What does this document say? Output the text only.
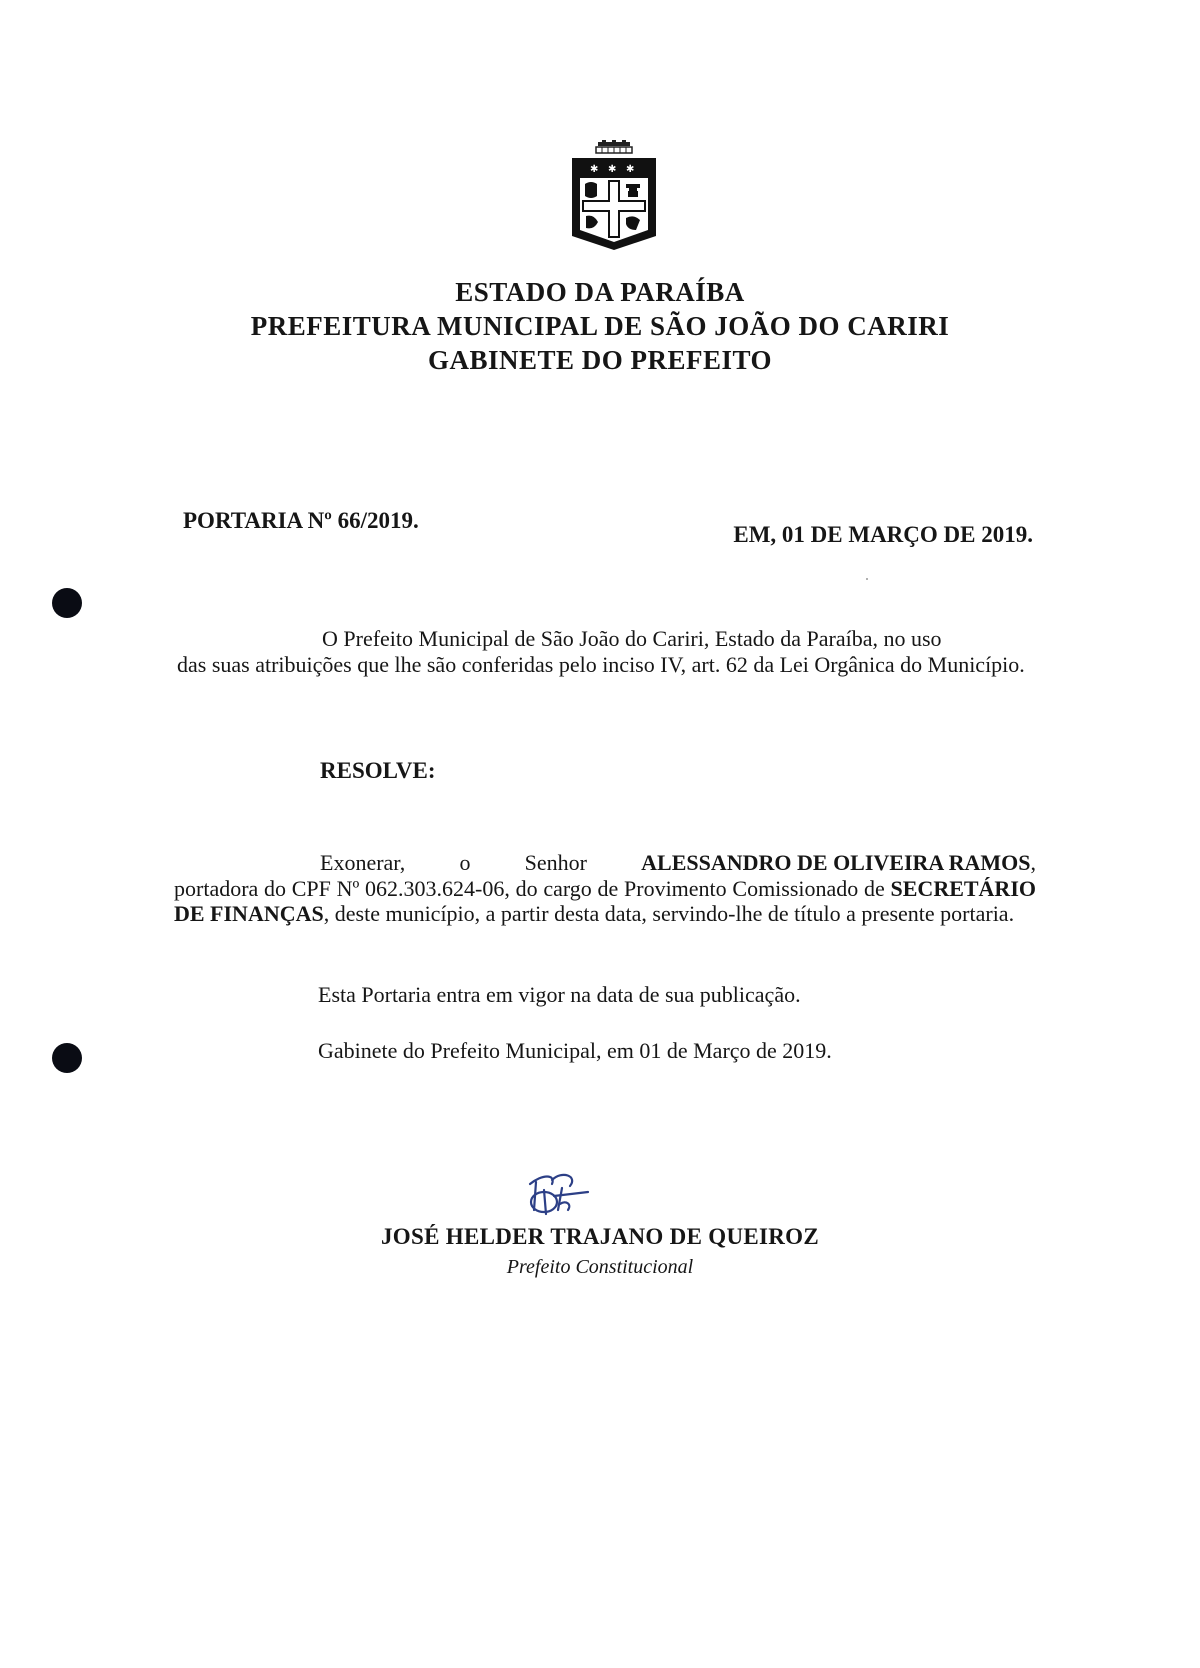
✱ ✱ ✱
ESTADO DA PARAÍBA
PREFEITURA MUNICIPAL DE SÃO JOÃO DO CARIRI
GABINETE DO PREFEITO
PORTARIA Nº 66/2019.
EM, 01 DE MARÇO DE 2019.
O Prefeito Municipal de São João do Cariri, Estado da Paraíba, no uso
das suas atribuições que lhe são conferidas pelo inciso IV, art. 62 da Lei Orgânica do Município.
RESOLVE:
Exonerar, o Senhor ALESSANDRO DE OLIVEIRA RAMOS,
portadora do CPF Nº 062.303.624-06, do cargo de Provimento Comissionado de SECRETÁRIO DE FINANÇAS, deste município, a partir desta data, servindo-lhe de título a presente portaria.
Esta Portaria entra em vigor na data de sua publicação.
Gabinete do Prefeito Municipal, em 01 de Março de 2019.
JOSÉ HELDER TRAJANO DE QUEIROZ
Prefeito Constitucional
